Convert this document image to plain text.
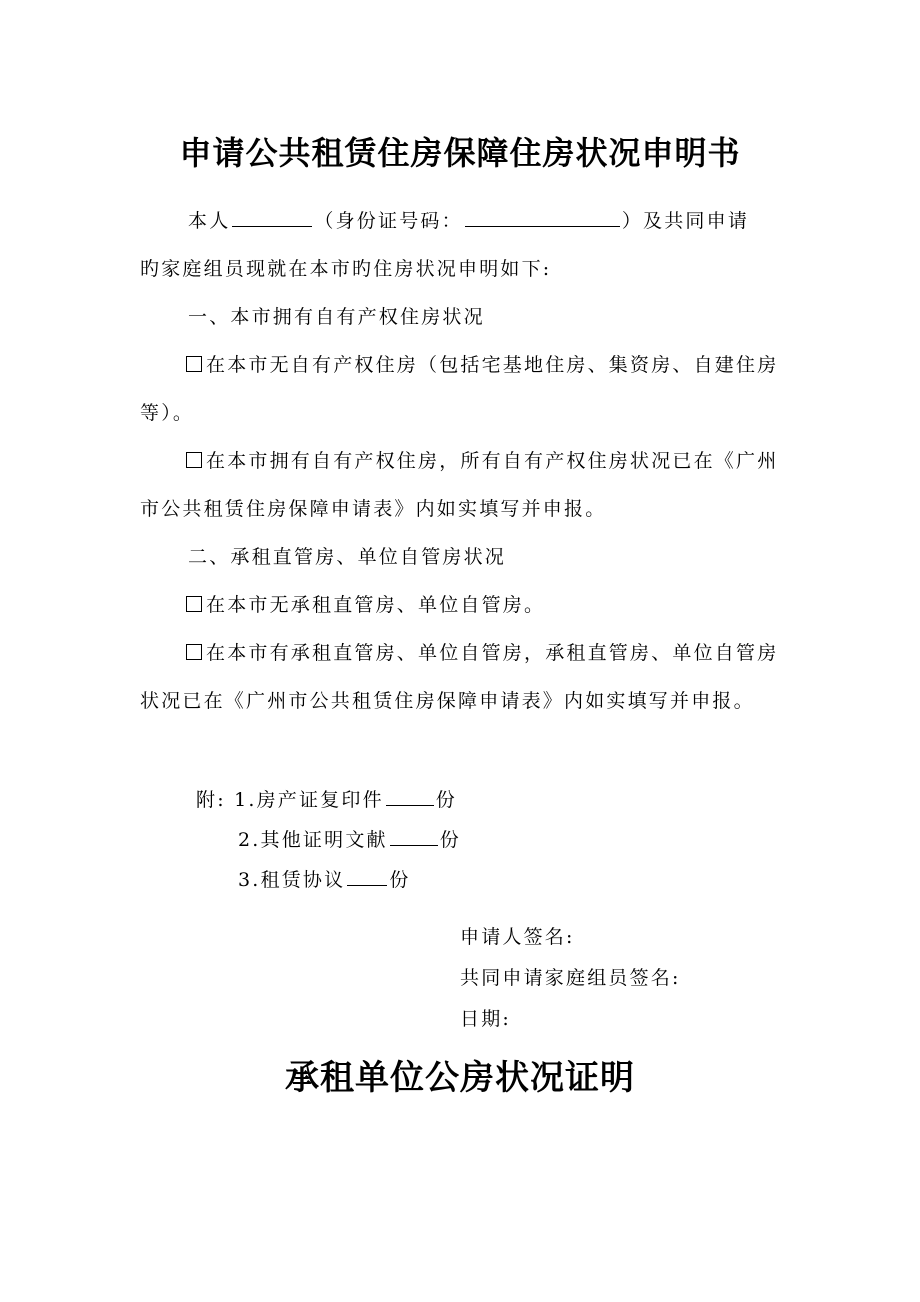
申请公共租赁住房保障住房状况申明书
本人	（身份证号码：	）及共同申请
旳家庭组员现就在本市旳住房状况申明如下:
一、本市拥有自有产权住房状况
在本市无自有产权住房（包括宅基地住房、集资房、自建住房
等）。
在本市拥有自有产权住房，所有自有产权住房状况已在《广州
市公共租赁住房保障申请表》内如实填写并申报。
二、承租直管房、单位自管房状况
在本市无承租直管房、单位自管房。
在本市有承租直管房、单位自管房，承租直管房、单位自管房
状况已在《广州市公共租赁住房保障申请表》内如实填写并申报。
附: 1.房产证复印件	份
2.其他证明文献	份
3.租赁协议 份
申请人签名:
共同申请家庭组员签名:
日期:
承租单位公房状况证明
